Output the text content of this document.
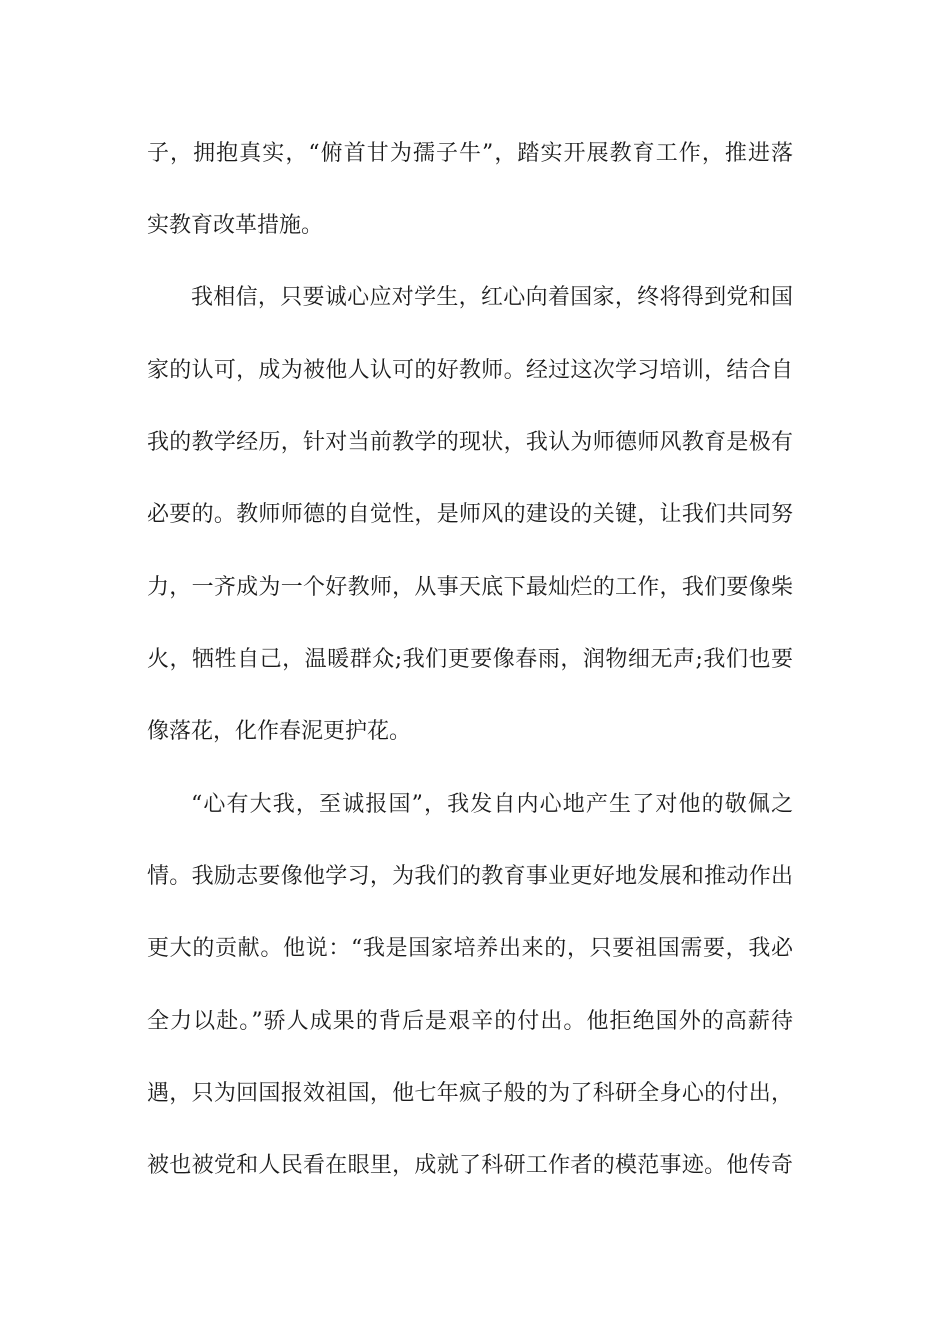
子，拥抱真实，“俯首甘为孺子牛”，踏实开展教育工作，推进落
实教育改革措施。
我相信，只要诚心应对学生，红心向着国家，终将得到党和国
家的认可，成为被他人认可的好教师。经过这次学习培训，结合自
我的教学经历，针对当前教学的现状，我认为师德师风教育是极有
必要的。教师师德的自觉性，是师风的建设的关键，让我们共同努
力，一齐成为一个好教师，从事天底下最灿烂的工作，我们要像柴
火，牺牲自己，温暖群众;我们更要像春雨，润物细无声;我们也要
像落花，化作春泥更护花。
“心有大我，至诚报国”，我发自内心地产生了对他的敬佩之
情。我励志要像他学习，为我们的教育事业更好地发展和推动作出
更大的贡献。他说：“我是国家培养出来的，只要祖国需要，我必
全力以赴。”骄人成果的背后是艰辛的付出。他拒绝国外的高薪待
遇，只为回国报效祖国，他七年疯子般的为了科研全身心的付出，
被也被党和人民看在眼里，成就了科研工作者的模范事迹。他传奇
